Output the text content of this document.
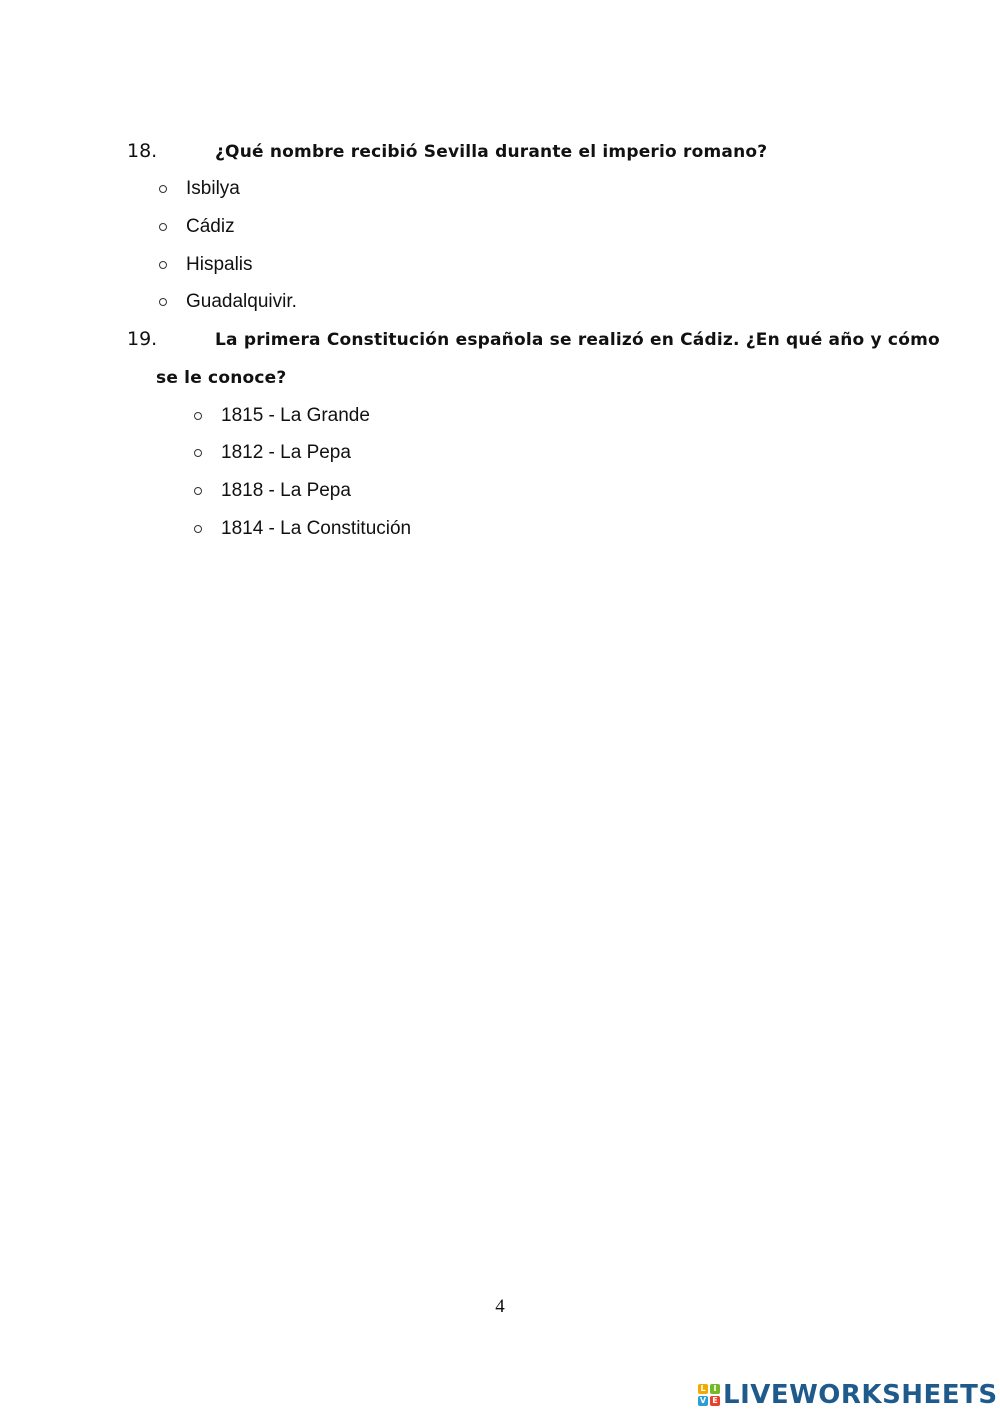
18.	¿Qué nombre recibió Sevilla durante el imperio romano?
Isbilya
Cádiz
Hispalis
Guadalquivir.
19.	La primera Constitución española se realizó en Cádiz. ¿En qué año y cómo
se le conoce?
1815 - La Grande
1812 - La Pepa
1818 - La Pepa
1814 - La Constitución
4
L I
V E LIVEWORKSHEETS
